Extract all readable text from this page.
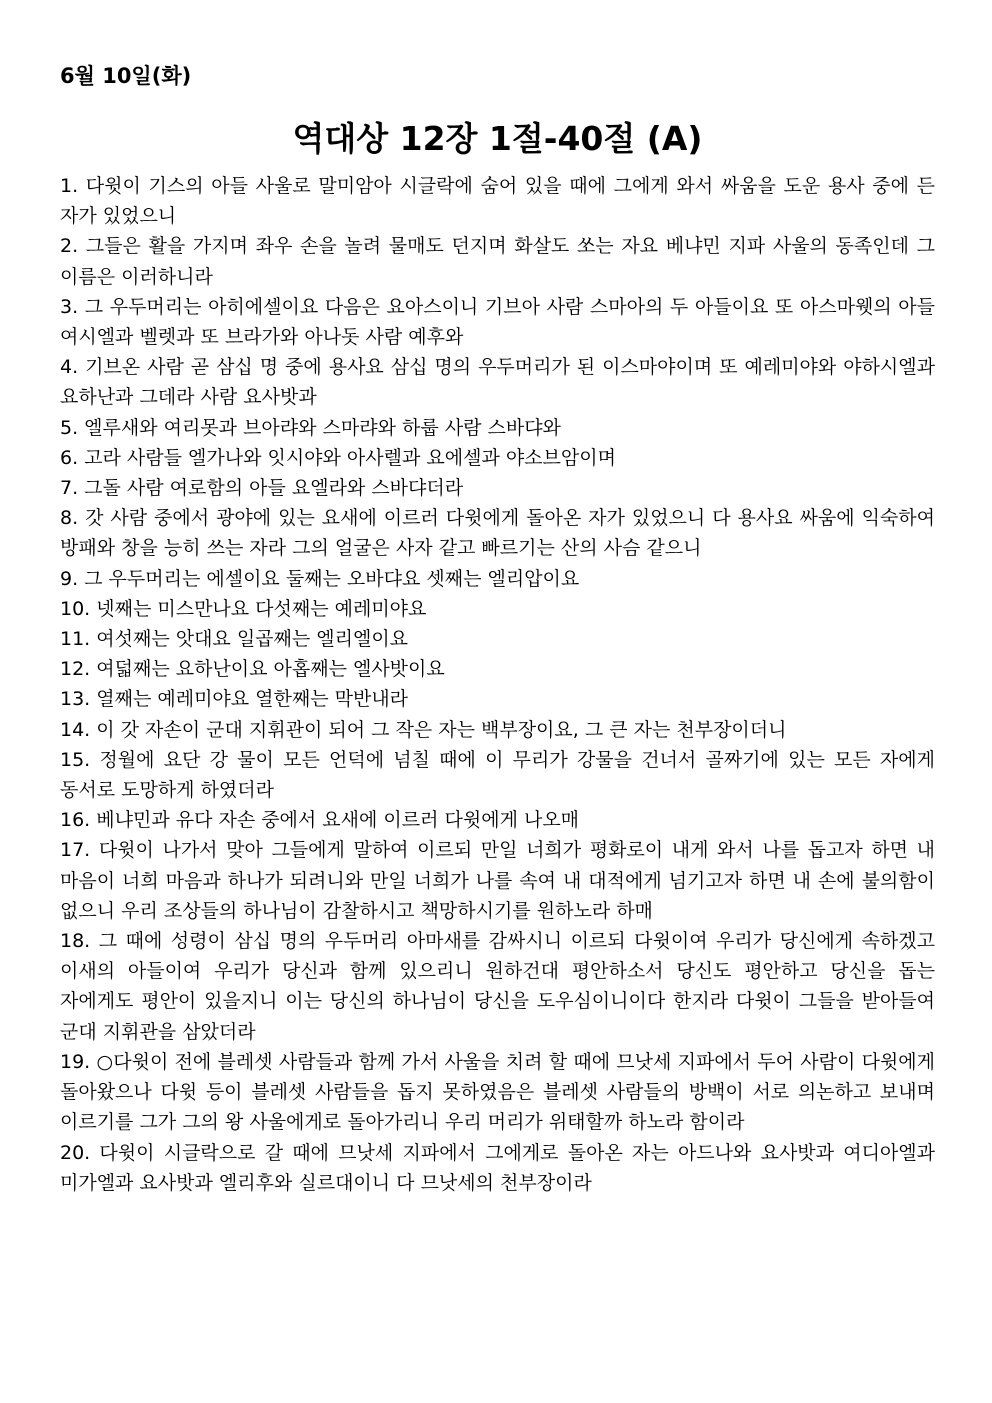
6월 10일(화)
역대상 12장 1절-40절 (A)

1. 다윗이 기스의 아들 사울로 말미암아 시글락에 숨어 있을 때에 그에게 와서 싸움을 도운 용사 중에 든 자가 있었으니

2. 그들은 활을 가지며 좌우 손을 놀려 물매도 던지며 화살도 쏘는 자요 베냐민 지파 사울의 동족인데 그 이름은 이러하니라

3. 그 우두머리는 아히에셀이요 다음은 요아스이니 기브아 사람 스마아의 두 아들이요 또 아스마웻의 아들 여시엘과 벨렛과 또 브라가와 아나돗 사람 예후와

4. 기브온 사람 곧 삼십 명 중에 용사요 삼십 명의 우두머리가 된 이스마야이며 또 예레미야와 야하시엘과 요하난과 그데라 사람 요사밧과

5. 엘루새와 여리못과 브아랴와 스마랴와 하룹 사람 스바댜와

6. 고라 사람들 엘가나와 잇시야와 아사렐과 요에셀과 야소브암이며

7. 그돌 사람 여로함의 아들 요엘라와 스바댜더라

8. 갓 사람 중에서 광야에 있는 요새에 이르러 다윗에게 돌아온 자가 있었으니 다 용사요 싸움에 익숙하여 방패와 창을 능히 쓰는 자라 그의 얼굴은 사자 같고 빠르기는 산의 사슴 같으니

9. 그 우두머리는 에셀이요 둘째는 오바댜요 셋째는 엘리압이요

10. 넷째는 미스만나요 다섯째는 예레미야요

11. 여섯째는 앗대요 일곱째는 엘리엘이요

12. 여덟째는 요하난이요 아홉째는 엘사밧이요

13. 열째는 예레미야요 열한째는 막반내라

14. 이 갓 자손이 군대 지휘관이 되어 그 작은 자는 백부장이요, 그 큰 자는 천부장이더니

15. 정월에 요단 강 물이 모든 언덕에 넘칠 때에 이 무리가 강물을 건너서 골짜기에 있는 모든 자에게 동서로 도망하게 하였더라

16. 베냐민과 유다 자손 중에서 요새에 이르러 다윗에게 나오매

17. 다윗이 나가서 맞아 그들에게 말하여 이르되 만일 너희가 평화로이 내게 와서 나를 돕고자 하면 내 마음이 너희 마음과 하나가 되려니와 만일 너희가 나를 속여 내 대적에게 넘기고자 하면 내 손에 불의함이 없으니 우리 조상들의 하나님이 감찰하시고 책망하시기를 원하노라 하매

18. 그 때에 성령이 삼십 명의 우두머리 아마새를 감싸시니 이르되 다윗이여 우리가 당신에게 속하겠고 이새의 아들이여 우리가 당신과 함께 있으리니 원하건대 평안하소서 당신도 평안하고 당신을 돕는 자에게도 평안이 있을지니 이는 당신의 하나님이 당신을 도우심이니이다 한지라 다윗이 그들을 받아들여 군대 지휘관을 삼았더라

19. ○다윗이 전에 블레셋 사람들과 함께 가서 사울을 치려 할 때에 므낫세 지파에서 두어 사람이 다윗에게 돌아왔으나 다윗 등이 블레셋 사람들을 돕지 못하였음은 블레셋 사람들의 방백이 서로 의논하고 보내며 이르기를 그가 그의 왕 사울에게로 돌아가리니 우리 머리가 위태할까 하노라 함이라

20. 다윗이 시글락으로 갈 때에 므낫세 지파에서 그에게로 돌아온 자는 아드나와 요사밧과 여디아엘과 미가엘과 요사밧과 엘리후와 실르대이니 다 므낫세의 천부장이라
